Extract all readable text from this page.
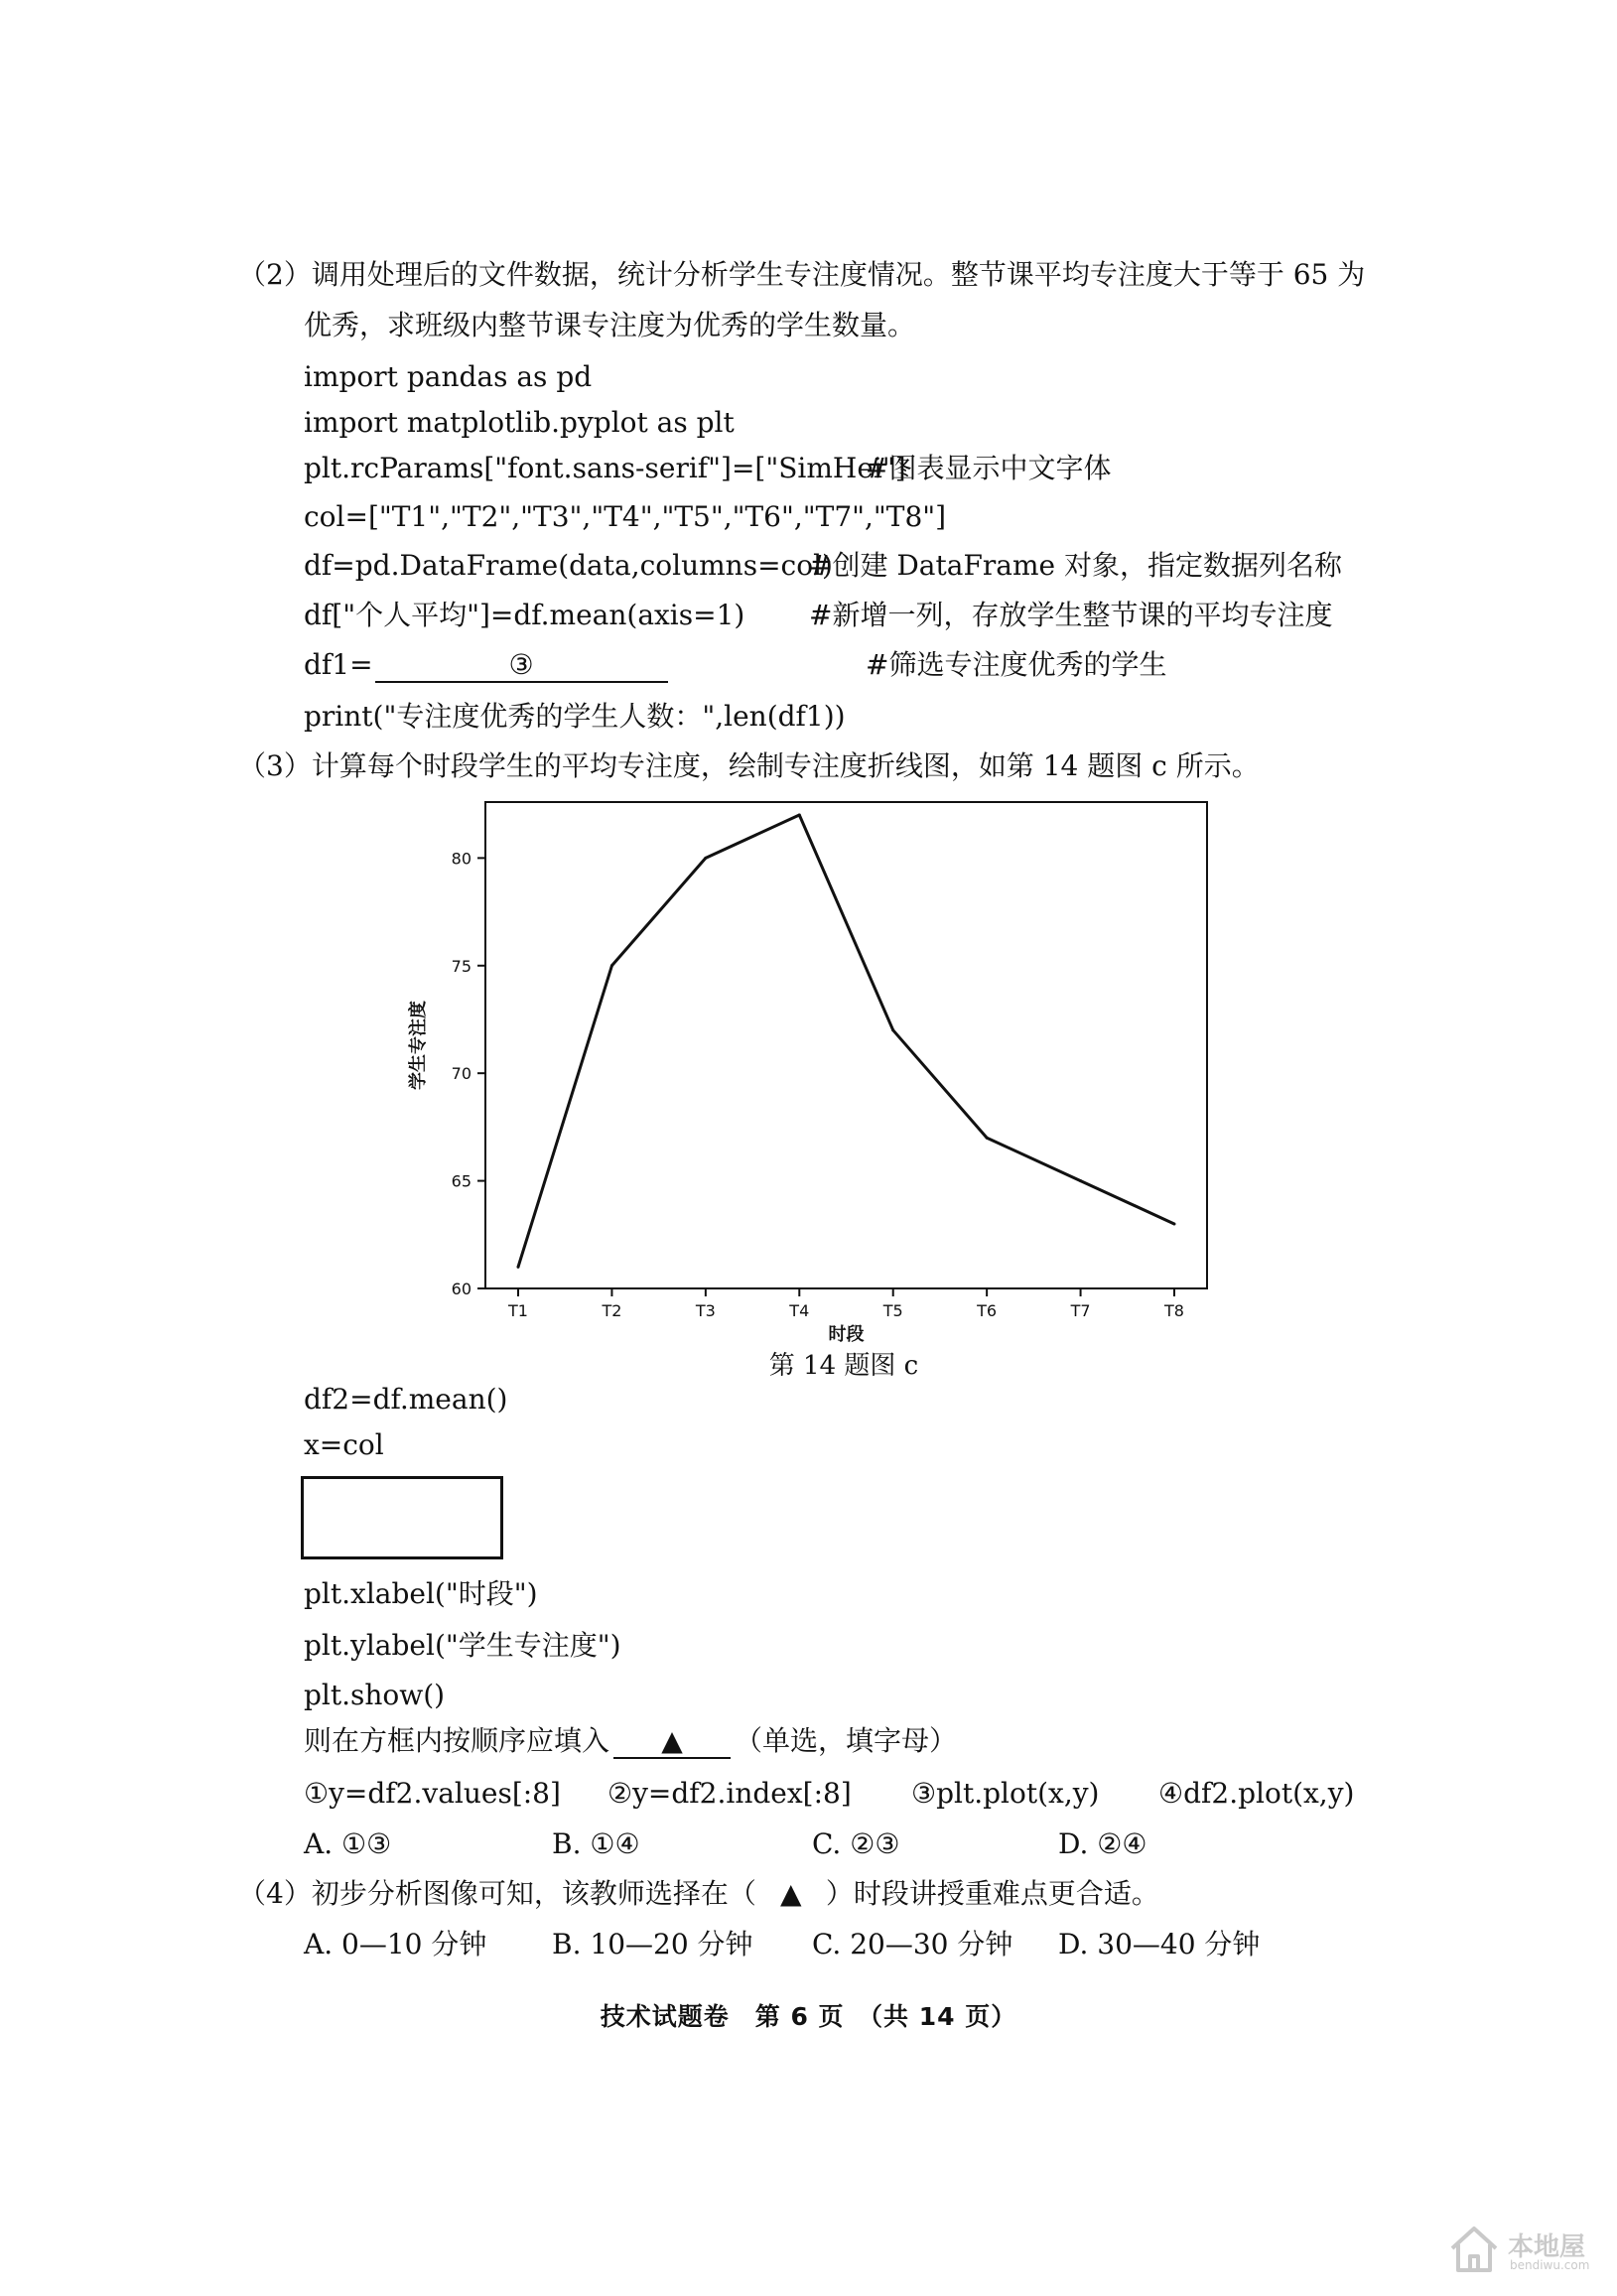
（2）调用处理后的文件数据，统计分析学生专注度情况。整节课平均专注度大于等于 65 为
优秀，求班级内整节课专注度为优秀的学生数量。
import pandas as pd
import matplotlib.pyplot as plt
plt.rcParams["font.sans-serif"]=["SimHei"]
#图表显示中文字体
col=["T1","T2","T3","T4","T5","T6","T7","T8"]
df=pd.DataFrame(data,columns=col)
#创建 DataFrame 对象，指定数据列名称
df["个人平均"]=df.mean(axis=1) #新增一列，存放学生整节课的平均专注度
df1=	③	#筛选专注度优秀的学生
print("专注度优秀的学生人数：",len(df1))
（3）计算每个时段学生的平均专注度，绘制专注度折线图，如第 14 题图 c 所示。
60
65
70
75
80
T1	T2	T3	T4	T5	T6	T7	T8
时段
学生专注度
第 14 题图 c
df2=df.mean()
x=col
plt.xlabel("时段")
plt.ylabel("学生专注度")
plt.show()
则在方框内按顺序应填入 ▲ （单选，填字母）
①y=df2.values[:8] ②y=df2.index[:8] ③plt.plot(x,y) ④df2.plot(x,y)
A. ①③	B. ①④	C. ②③	D. ②④
（4）初步分析图像可知，该教师选择在（ ▲ ）时段讲授重难点更合适。
A. 0—10 分钟 B. 10—20 分钟 C. 20—30 分钟 D. 30—40 分钟
技术试题卷　第 6 页　（共 14 页）
本地屋
bendiwu.com
